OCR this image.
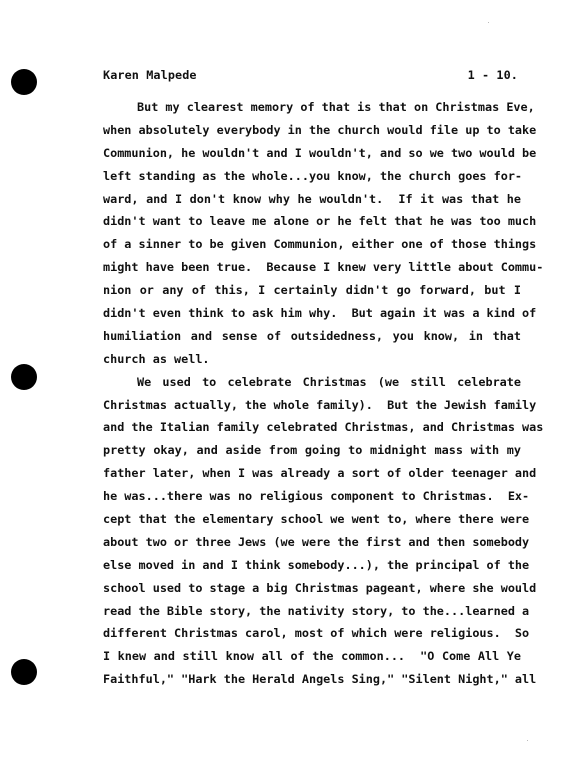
Karen Malpede	1 - 10.
But my clearest memory of that is that on Christmas Eve,
when absolutely everybody in the church would file up to take
Communion, he wouldn't and I wouldn't, and so we two would be
left standing as the whole...you know, the church goes for-
ward, and I don't know why he wouldn't.  If it was that he
didn't want to leave me alone or he felt that he was too much
of a sinner to be given Communion, either one of those things
might have been true.  Because I knew very little about Commu-
nion or any of this, I certainly didn't go forward, but I
didn't even think to ask him why.  But again it was a kind of
humiliation and sense of outsidedness, you know, in that
church as well.
We used to celebrate Christmas (we still celebrate
Christmas actually, the whole family).  But the Jewish family
and the Italian family celebrated Christmas, and Christmas was
pretty okay, and aside from going to midnight mass with my
father later, when I was already a sort of older teenager and
he was...there was no religious component to Christmas.  Ex-
cept that the elementary school we went to, where there were
about two or three Jews (we were the first and then somebody
else moved in and I think somebody...), the principal of the
school used to stage a big Christmas pageant, where she would
read the Bible story, the nativity story, to the...learned a
different Christmas carol, most of which were religious.  So
I knew and still know all of the common...  "O Come All Ye
Faithful," "Hark the Herald Angels Sing," "Silent Night," all
